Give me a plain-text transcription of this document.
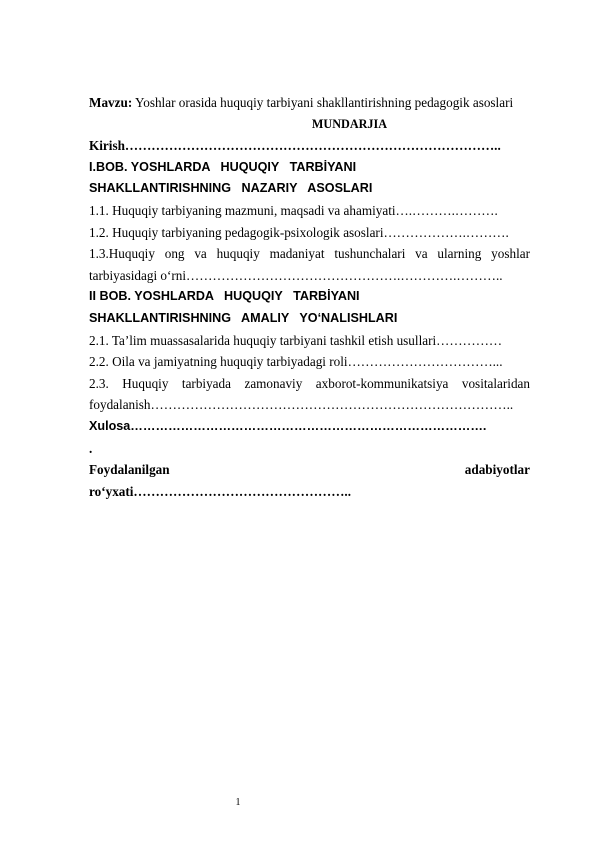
Mavzu: Yoshlar orasida huquqiy tarbiyani shakllantirishning pedagogik asoslari
MUNDARJIA
Kirish…………………………………………………………………………..
I.BOB. YOSHLARDA   HUQUQIY   TARBİYANI
SHAKLLANTIRISHNING   NAZARIY   ASOSLARI
1.1. Huquqiy tarbiyaning mazmuni, maqsadi va ahamiyati….……….……….
1.2. Huquqiy tarbiyaning pedagogik-psixologik asoslari……………….……….
1.3.Huquqiy ong va huquqiy madaniyat tushunchalari va ularning yoshlar tarbiyasidagi o‘rni………………………………………….………….………..
II BOB. YOSHLARDA   HUQUQIY   TARBİYANI
SHAKLLANTIRISHNING   AMALIY   YO‘NALISHLARI
2.1. Ta’lim muassasalarida huquqiy tarbiyani tashkil etish usullari……………
2.2. Oila va jamiyatning huquqiy tarbiyadagi roli……………………………...
2.3. Huquqiy tarbiyada zamonaviy axborot-kommunikatsiya vositalaridan foydalanish………………………………………………………………………..
Xulosa………………………………………………………………………….
.
Foydalanilgan	adabiyotlar
ro‘yxati…………………………………………..
1
